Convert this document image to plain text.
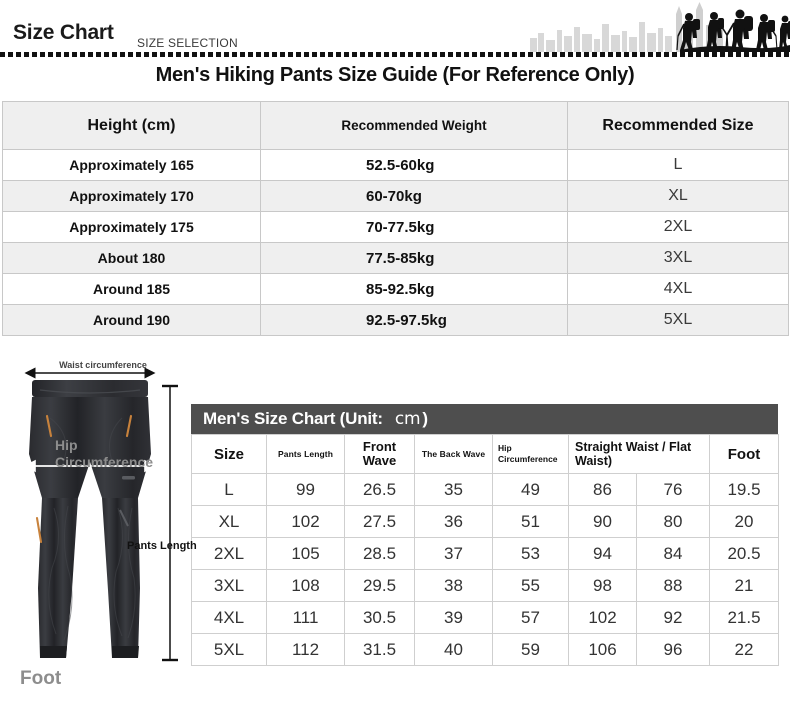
Size Chart SIZE SELECTION
Men's Hiking Pants Size Guide (For Reference Only)
Height (cm)	Recommended Weight	Recommended Size
Approximately 165	52.5-60kg	L
Approximately 170	60-70kg	XL
Approximately 175	70-77.5kg	2XL
About 180	77.5-85kg	3XL
Around 185	85-92.5kg	4XL
Around 190	92.5-97.5kg	5XL
Waist circumference
Hip Circumference
Pants Length
Foot
Men's Size Chart (Unit: cm )
Size	Pants Length	Front Wave	The Back Wave	Hip Circumference	Straight Waist / Flat Waist)		Foot
L	99	26.5	35	49	86	76	19.5
XL	102	27.5	36	51	90	80	20
2XL	105	28.5	37	53	94	84	20.5
3XL	108	29.5	38	55	98	88	21
4XL	111	30.5	39	57	102	92	21.5
5XL	112	31.5	40	59	106	96	22
